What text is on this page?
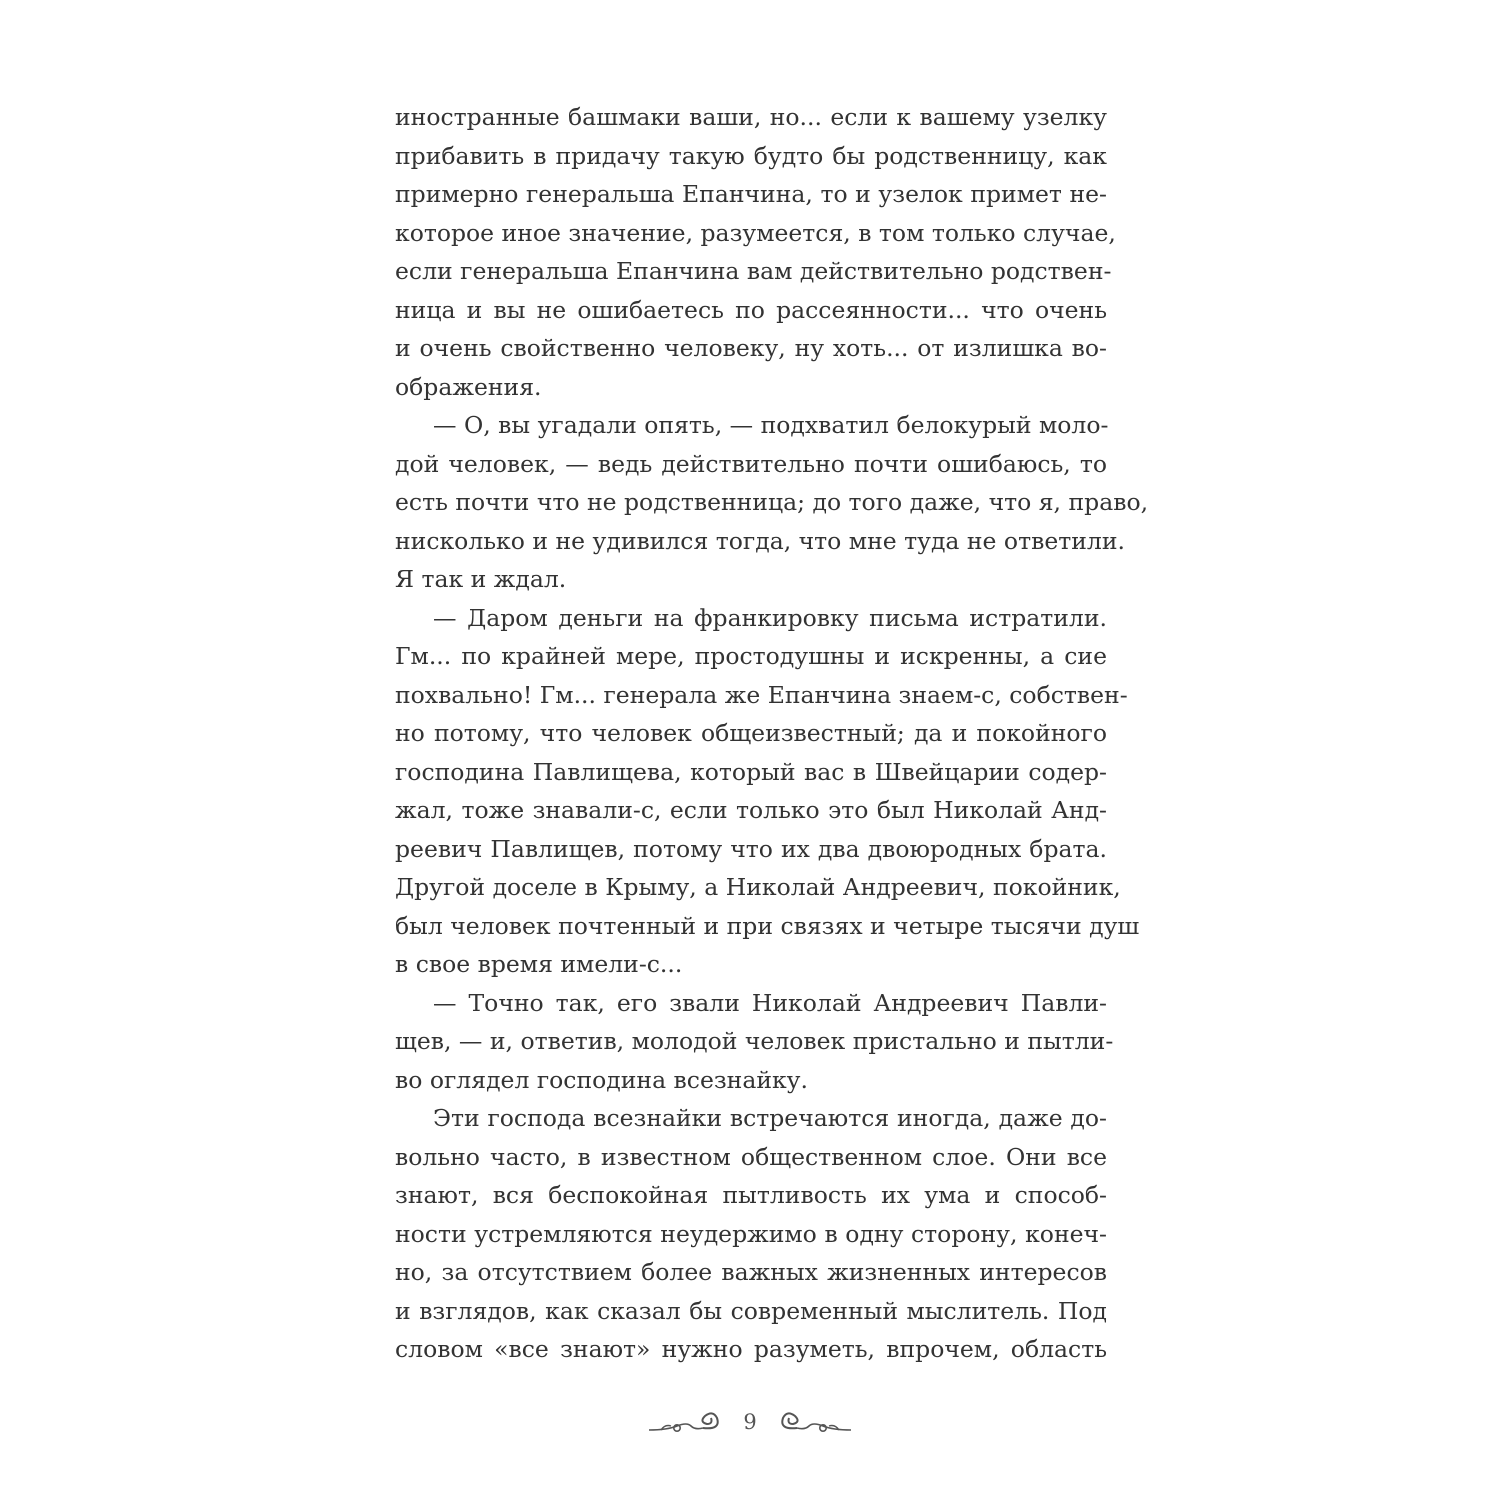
иностранные башмаки ваши, но... если к вашему узелку
прибавить в придачу такую будто бы родственницу, как
примерно генеральша Епанчина, то и узелок примет не-
которое иное значение, разумеется, в том только случае,
если генеральша Епанчина вам действительно родствен-
ница и вы не ошибаетесь по рассеянности... что очень
и очень свойственно человеку, ну хоть... от излишка во-
ображения.
— О, вы угадали опять, — подхватил белокурый моло-
дой человек, — ведь действительно почти ошибаюсь, то
есть почти что не родственница; до того даже, что я, право,
нисколько и не удивился тогда, что мне туда не ответили.
Я так и ждал.
— Даром деньги на франкировку письма истратили.
Гм... по крайней мере, простодушны и искренны, а сие
похвально! Гм... генерала же Епанчина знаем-с, собствен-
но потому, что человек общеизвестный; да и покойного
господина Павлищева, который вас в Швейцарии содер-
жал, тоже знавали-с, если только это был Николай Анд-
реевич Павлищев, потому что их два двоюродных брата.
Другой доселе в Крыму, а Николай Андреевич, покойник,
был человек почтенный и при связях и четыре тысячи душ
в свое время имели-с...
— Точно так, его звали Николай Андреевич Павли-
щев, — и, ответив, молодой человек пристально и пытли-
во оглядел господина всезнайку.
Эти господа всезнайки встречаются иногда, даже до-
вольно часто, в известном общественном слое. Они все
знают, вся беспокойная пытливость их ума и способ-
ности устремляются неудержимо в одну сторону, конеч-
но, за отсутствием более важных жизненных интересов
и взглядов, как сказал бы современный мыслитель. Под
словом «все знают» нужно разуметь, впрочем, область
9
